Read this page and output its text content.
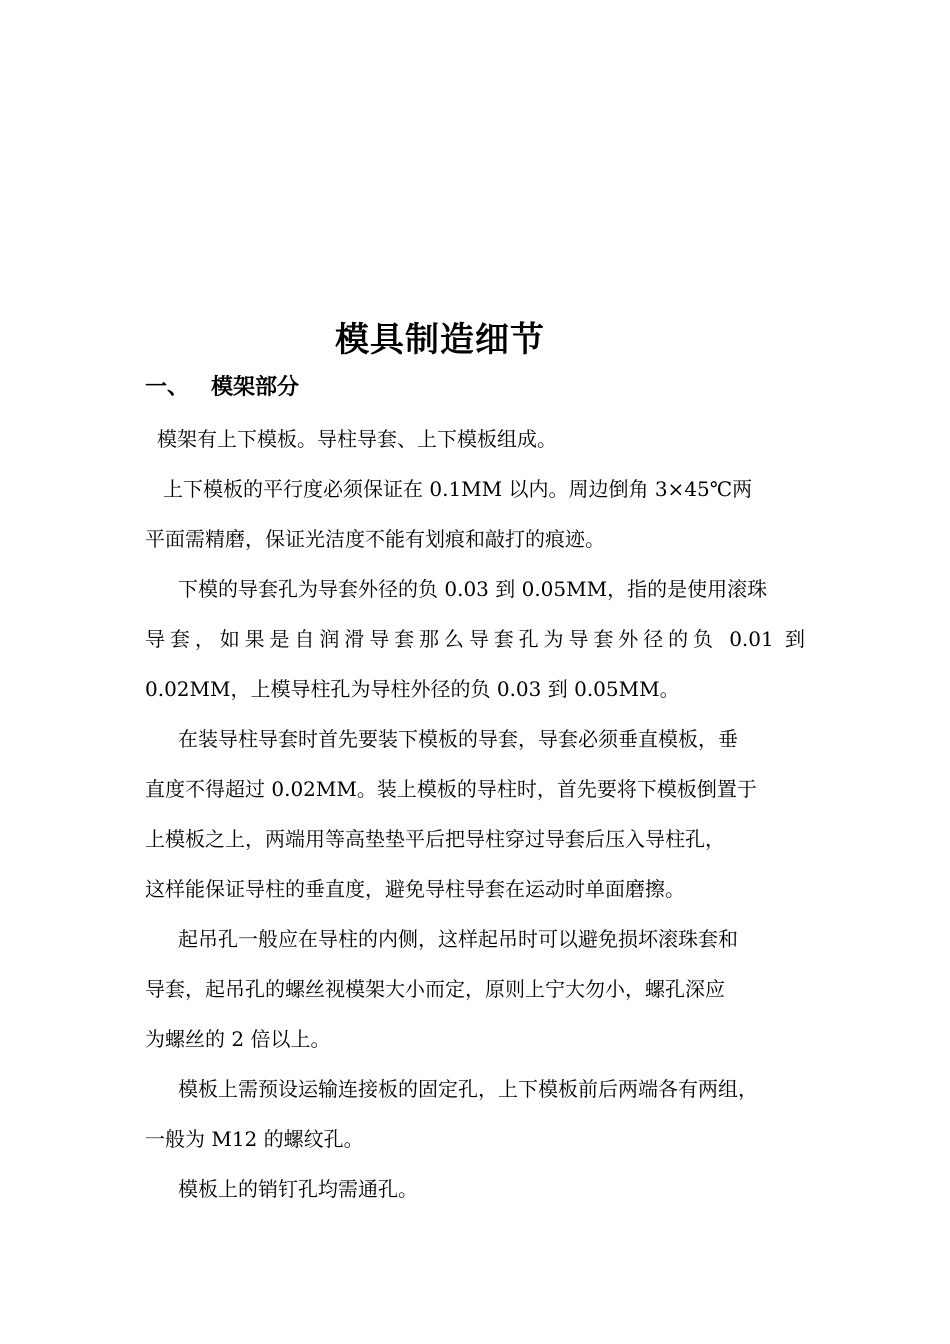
模具制造细节
一、 模架部分
模架有上下模板。导柱导套、上下模板组成。
上下模板的平行度必须保证在 0.1MM 以内。周边倒角 3×45℃两
平面需精磨，保证光洁度不能有划痕和敲打的痕迹。
下模的导套孔为导套外径的负 0.03 到 0.05MM，指的是使用滚珠
导套，如果是自润滑导套那么导套孔为导套外径的负 0.01 到
0.02MM，上模导柱孔为导柱外径的负 0.03 到 0.05MM。
在装导柱导套时首先要装下模板的导套，导套必须垂直模板，垂
直度不得超过 0.02MM。装上模板的导柱时，首先要将下模板倒置于
上模板之上，两端用等高垫垫平后把导柱穿过导套后压入导柱孔，
这样能保证导柱的垂直度，避免导柱导套在运动时单面磨擦。
起吊孔一般应在导柱的内侧，这样起吊时可以避免损坏滚珠套和
导套，起吊孔的螺丝视模架大小而定，原则上宁大勿小，螺孔深应
为螺丝的 2 倍以上。
模板上需预设运输连接板的固定孔，上下模板前后两端各有两组，
一般为 M12 的螺纹孔。
模板上的销钉孔均需通孔。
